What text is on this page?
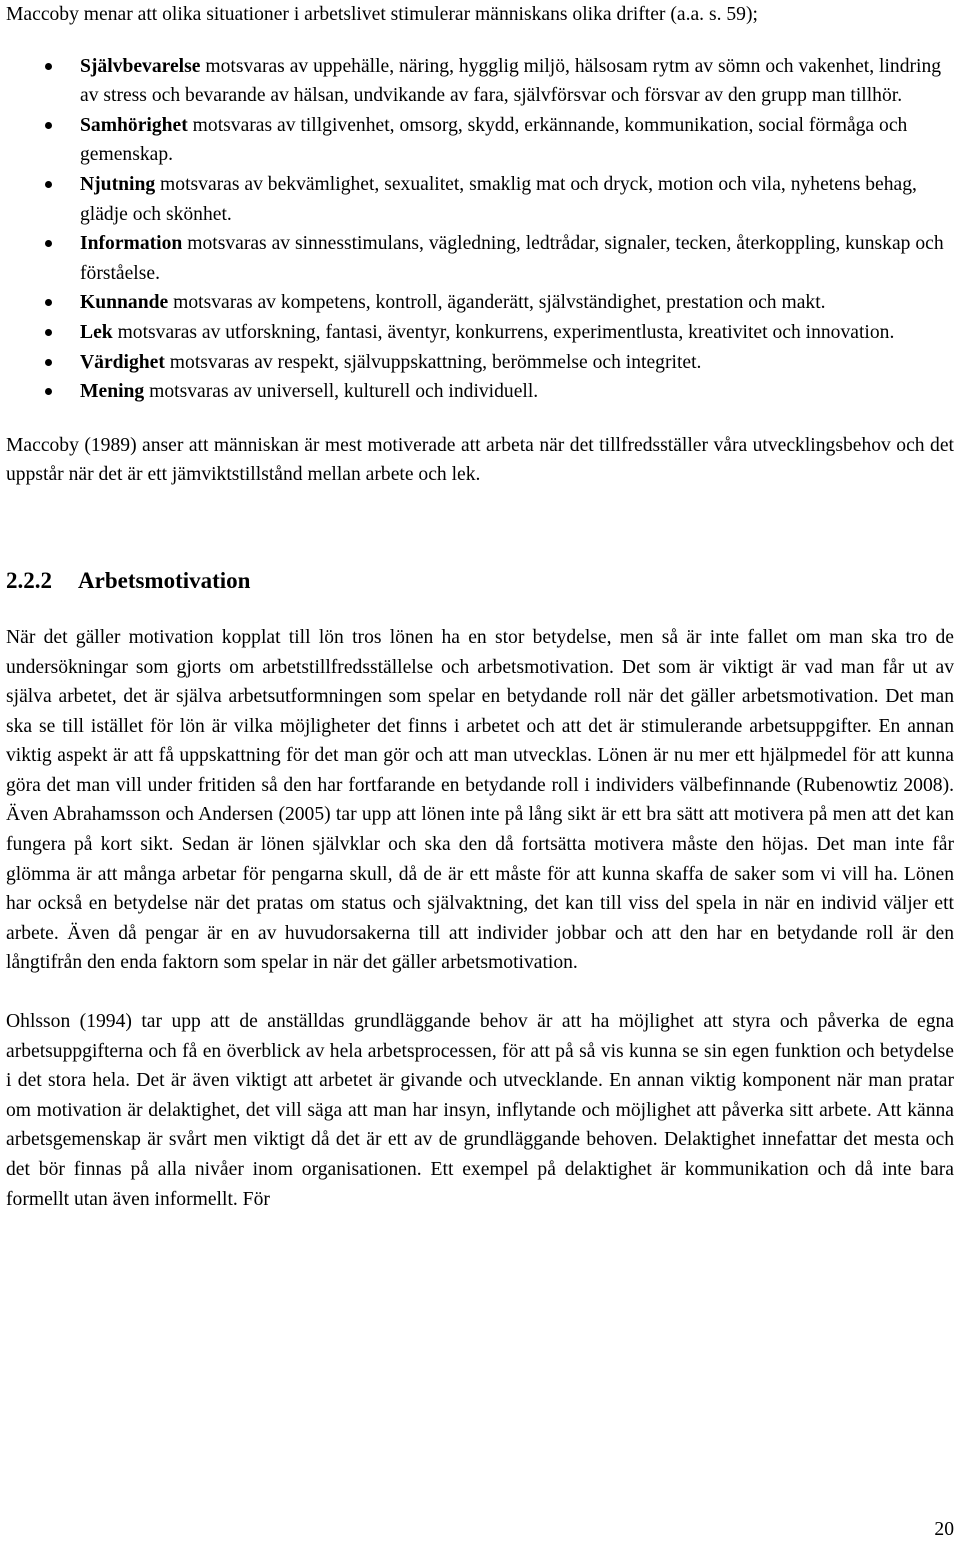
Maccoby menar att olika situationer i arbetslivet stimulerar människans olika drifter (a.a. s. 59);

Självbevarelse motsvaras av uppehälle, näring, hygglig miljö, hälsosam rytm av sömn och vakenhet, lindring av stress och bevarande av hälsan, undvikande av fara, självförsvar och försvar av den grupp man tillhör.
Samhörighet motsvaras av tillgivenhet, omsorg, skydd, erkännande, kommunikation, social förmåga och gemenskap.
Njutning motsvaras av bekvämlighet, sexualitet, smaklig mat och dryck, motion och vila, nyhetens behag, glädje och skönhet.
Information motsvaras av sinnesstimulans, vägledning, ledtrådar, signaler, tecken, återkoppling, kunskap och förståelse.
Kunnande motsvaras av kompetens, kontroll, äganderätt, självständighet, prestation och makt.
Lek motsvaras av utforskning, fantasi, äventyr, konkurrens, experimentlusta, kreativitet och innovation.
Värdighet motsvaras av respekt, självuppskattning, berömmelse och integritet.
Mening motsvaras av universell, kulturell och individuell.

Maccoby (1989) anser att människan är mest motiverade att arbeta när det tillfredsställer våra utvecklingsbehov och det uppstår när det är ett jämviktstillstånd mellan arbete och lek.

2.2.2 Arbetsmotivation

När det gäller motivation kopplat till lön tros lönen ha en stor betydelse, men så är inte fallet om man ska tro de undersökningar som gjorts om arbetstillfredsställelse och arbetsmotivation. Det som är viktigt är vad man får ut av själva arbetet, det är själva arbetsutformningen som spelar en betydande roll när det gäller arbetsmotivation. Det man ska se till istället för lön är vilka möjligheter det finns i arbetet och att det är stimulerande arbetsuppgifter. En annan viktig aspekt är att få uppskattning för det man gör och att man utvecklas. Lönen är nu mer ett hjälpmedel för att kunna göra det man vill under fritiden så den har fortfarande en betydande roll i individers välbefinnande (Rubenowtiz 2008). Även Abrahamsson och Andersen (2005) tar upp att lönen inte på lång sikt är ett bra sätt att motivera på men att det kan fungera på kort sikt. Sedan är lönen självklar och ska den då fortsätta motivera måste den höjas. Det man inte får glömma är att många arbetar för pengarna skull, då de är ett måste för att kunna skaffa de saker som vi vill ha. Lönen har också en betydelse när det pratas om status och självaktning, det kan till viss del spela in när en individ väljer ett arbete. Även då pengar är en av huvudorsakerna till att individer jobbar och att den har en betydande roll är den långtifrån den enda faktorn som spelar in när det gäller arbetsmotivation.

Ohlsson (1994) tar upp att de anställdas grundläggande behov är att ha möjlighet att styra och påverka de egna arbetsuppgifterna och få en överblick av hela arbetsprocessen, för att på så vis kunna se sin egen funktion och betydelse i det stora hela. Det är även viktigt att arbetet är givande och utvecklande. En annan viktig komponent när man pratar om motivation är delaktighet, det vill säga att man har insyn, inflytande och möjlighet att påverka sitt arbete. Att känna arbetsgemenskap är svårt men viktigt då det är ett av de grundläggande behoven. Delaktighet innefattar det mesta och det bör finnas på alla nivåer inom organisationen. Ett exempel på delaktighet är kommunikation och då inte bara formellt utan även informellt. För

20
